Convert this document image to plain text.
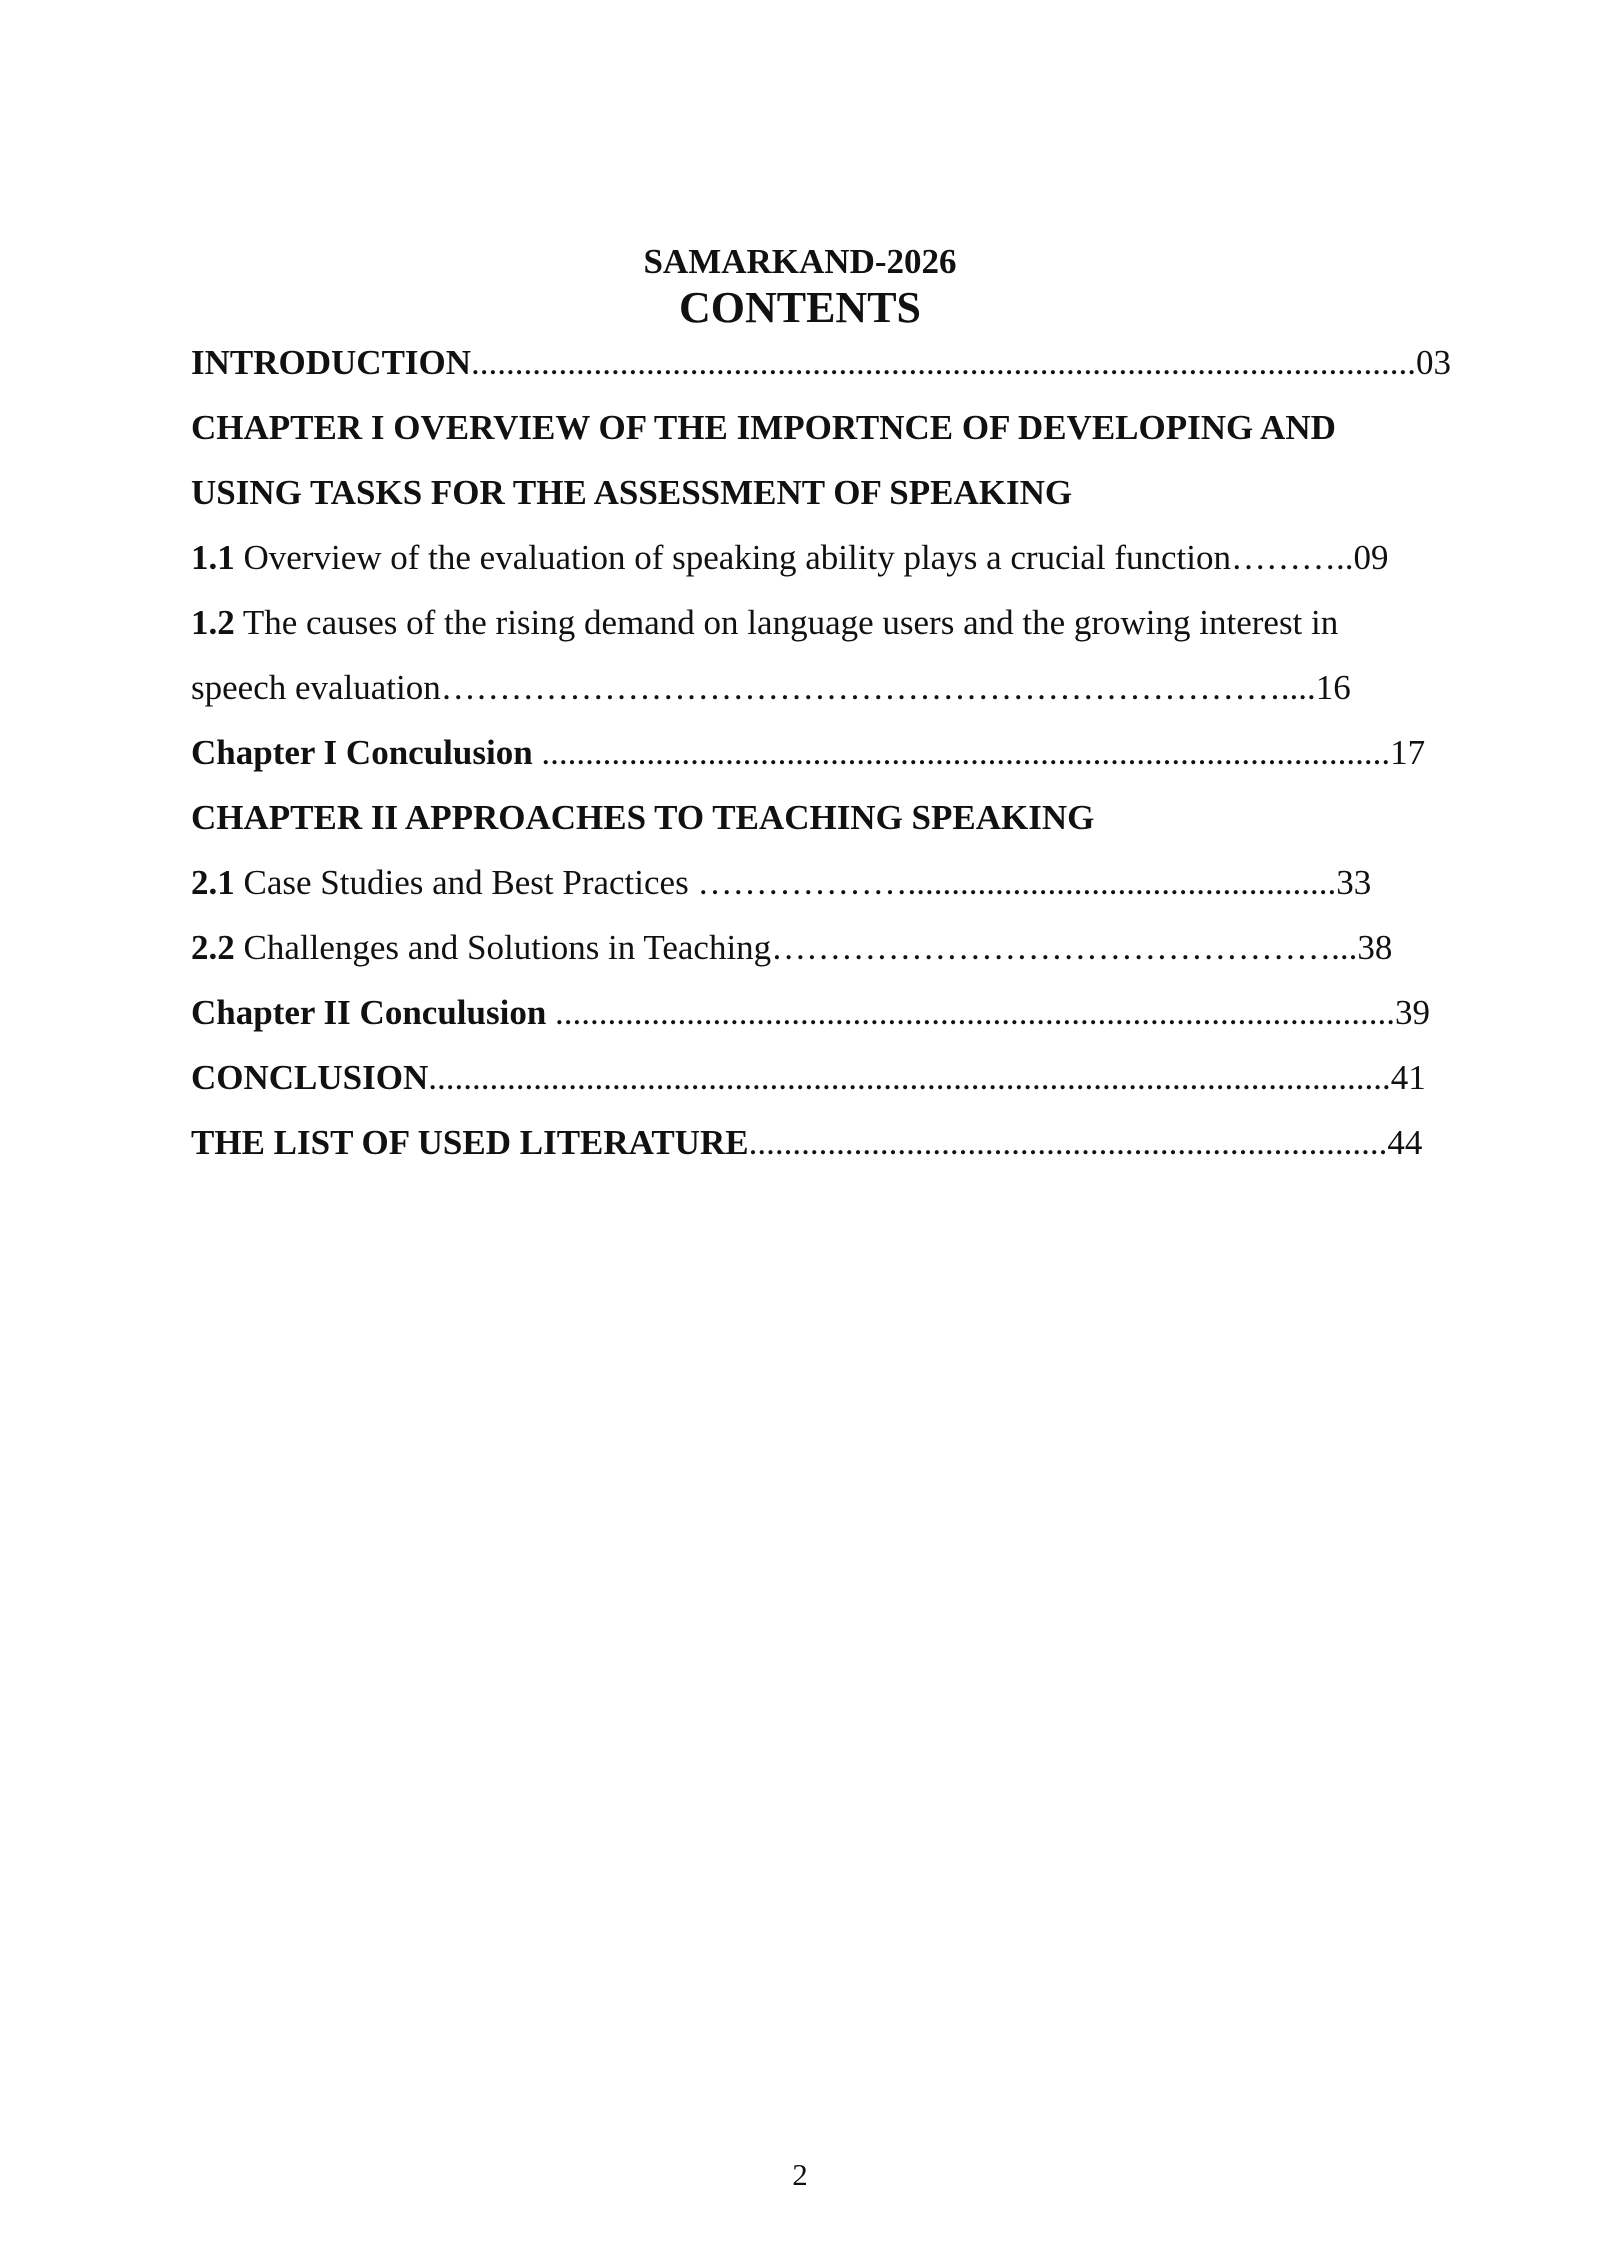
SAMARKAND-2026
CONTENTS
INTRODUCTION............................................................................................................03
CHAPTER I OVERVIEW OF THE IMPORTNCE OF DEVELOPING AND
USING TASKS FOR THE ASSESSMENT OF SPEAKING
1.1 Overview of the evaluation of speaking ability plays a crucial function………..09
1.2 The causes of the rising demand on language users and the growing interest in
speech evaluation………………………………………………………………....16
Chapter I Conculusion .................................................................................................17
CHAPTER II APPROACHES TO TEACHING SPEAKING
2.1 Case Studies and Best Practices ……………….................................................33
2.2 Challenges and Solutions in Teaching…………………………………………...38
Chapter II Conculusion ................................................................................................39
CONCLUSION..............................................................................................................41
THE LIST OF USED LITERATURE.........................................................................44
2
